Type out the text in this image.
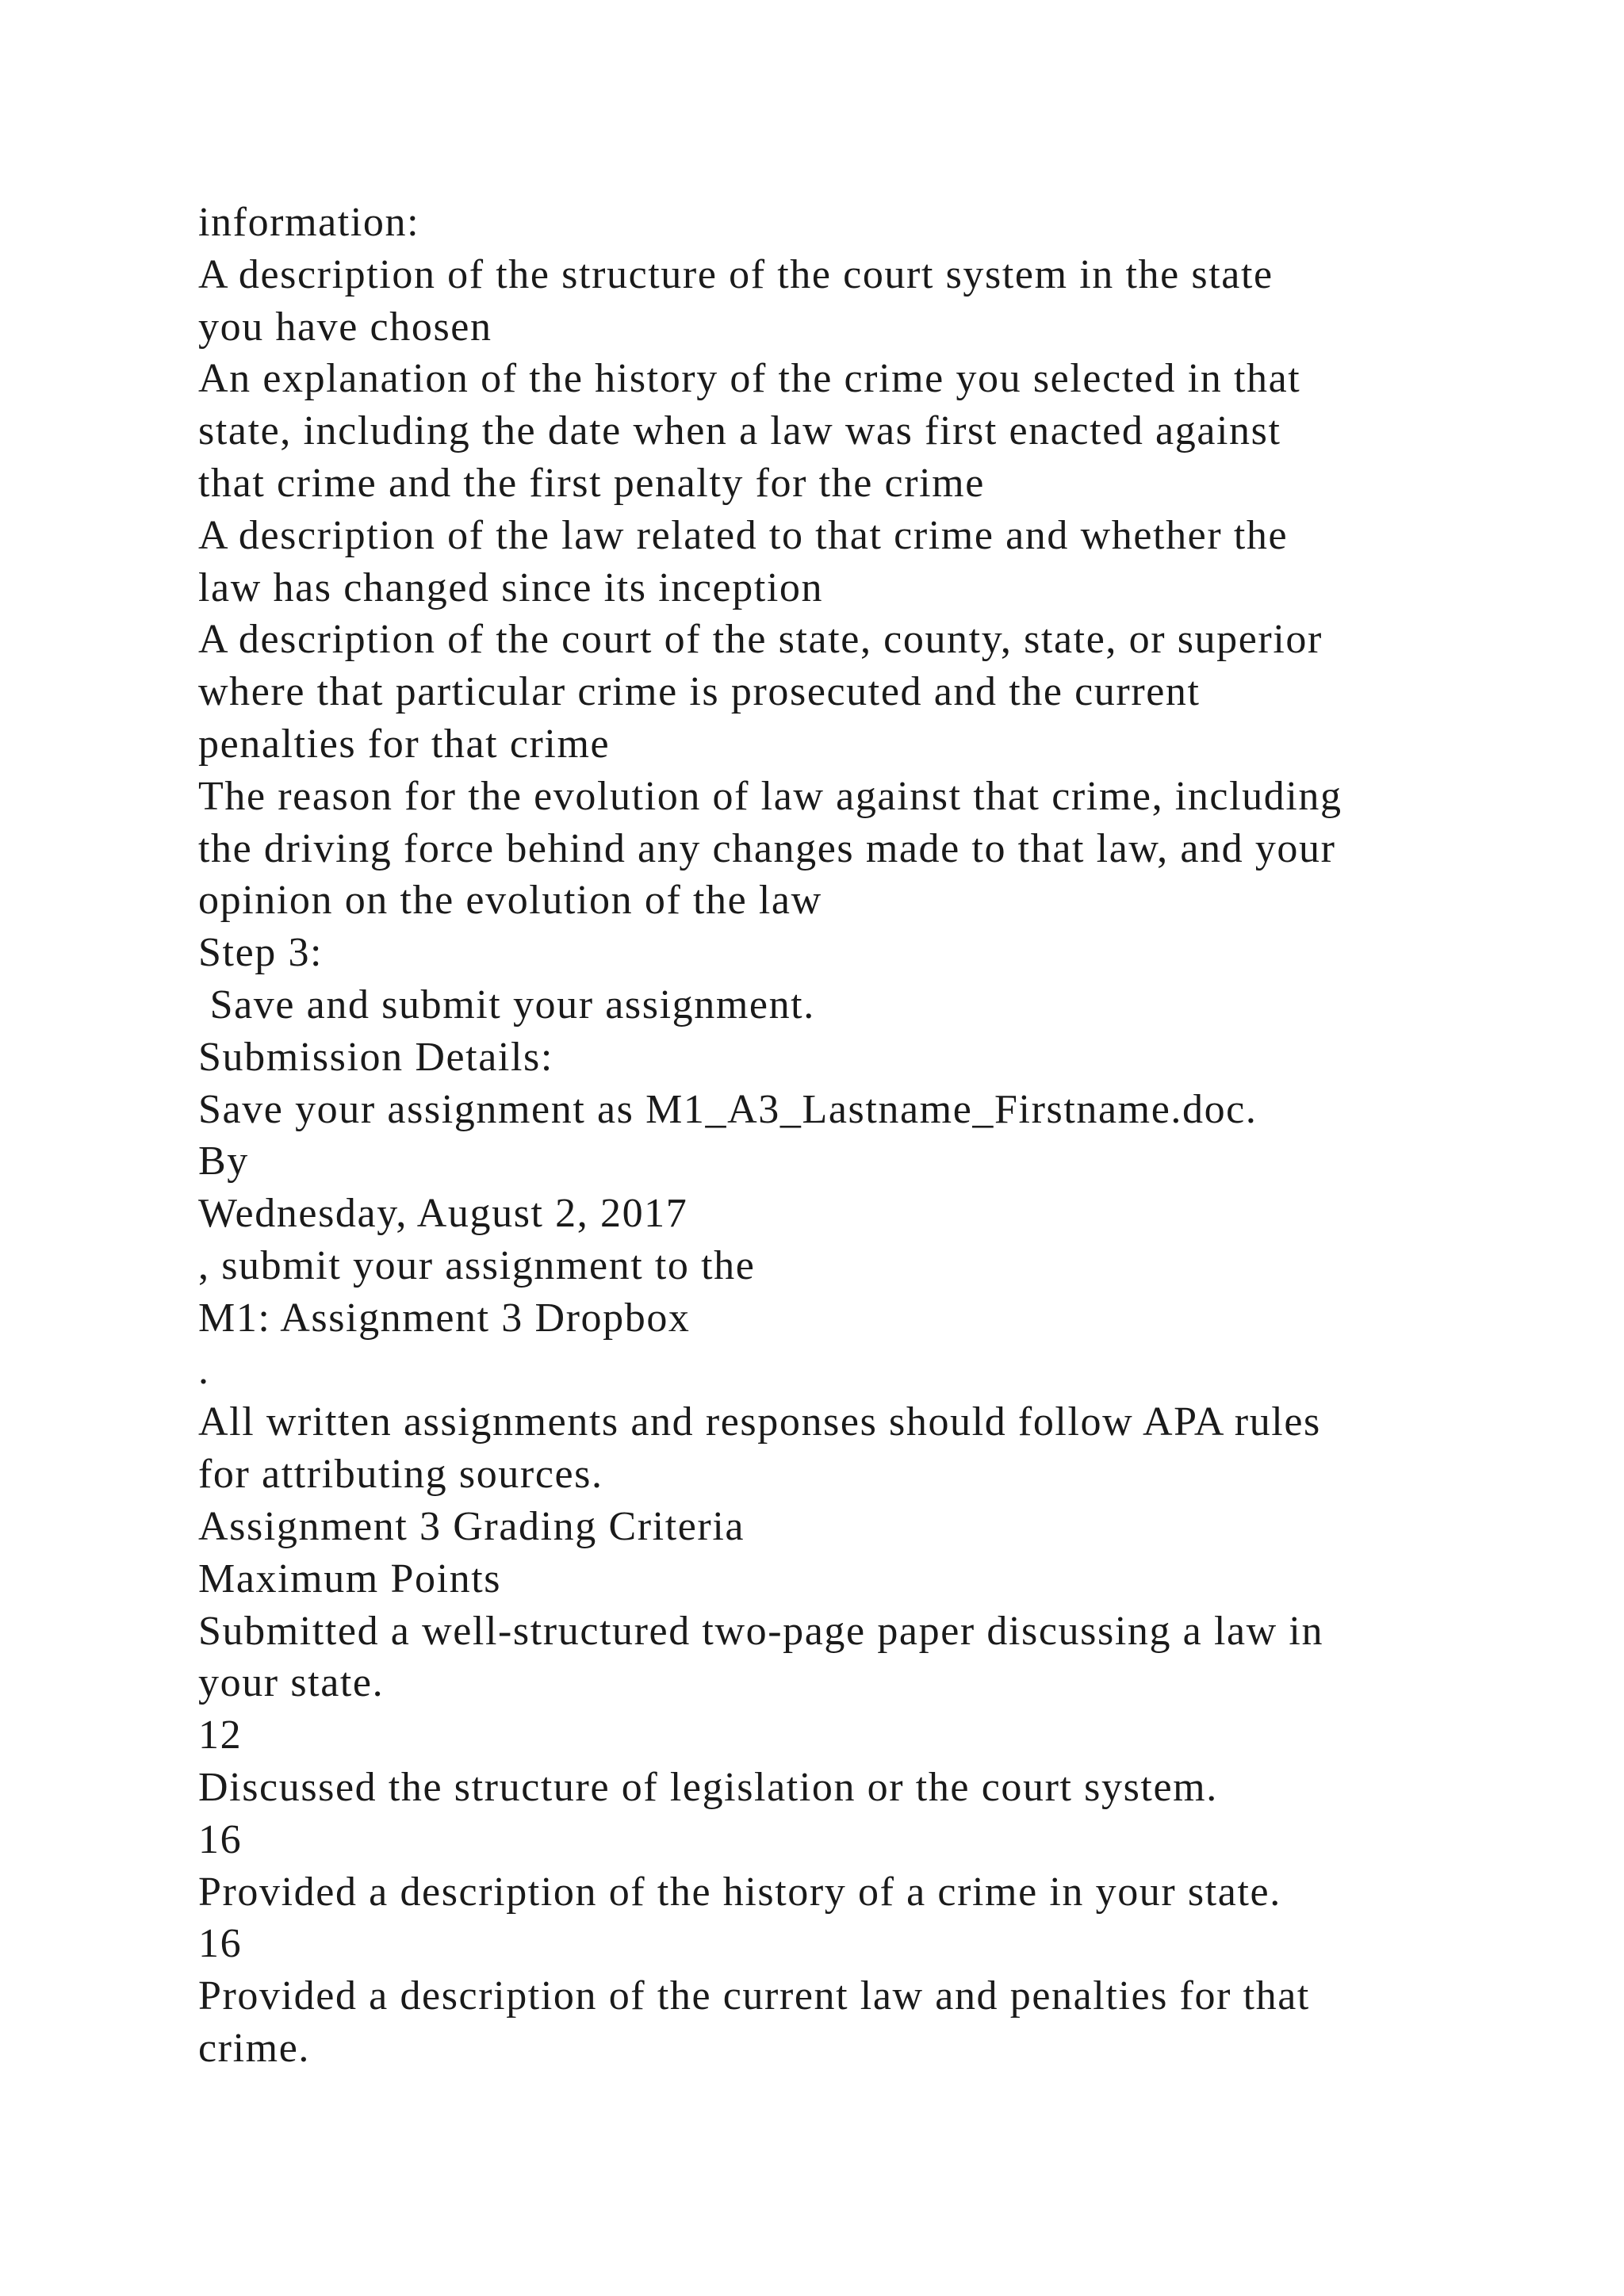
information:
A description of the structure of the court system in the state
you have chosen
An explanation of the history of the crime you selected in that
state, including the date when a law was first enacted against
that crime and the first penalty for the crime
A description of the law related to that crime and whether the
law has changed since its inception
A description of the court of the state, county, state, or superior
where that particular crime is prosecuted and the current
penalties for that crime
The reason for the evolution of law against that crime, including
the driving force behind any changes made to that law, and your
opinion on the evolution of the law
Step 3:
Save and submit your assignment.
Submission Details:
Save your assignment as M1_A3_Lastname_Firstname.doc.
By
Wednesday, August 2, 2017
, submit your assignment to the
M1: Assignment 3 Dropbox
.
All written assignments and responses should follow APA rules
for attributing sources.
Assignment 3 Grading Criteria
Maximum Points
Submitted a well-structured two-page paper discussing a law in
your state.
12
Discussed the structure of legislation or the court system.
16
Provided a description of the history of a crime in your state.
16
Provided a description of the current law and penalties for that
crime.
